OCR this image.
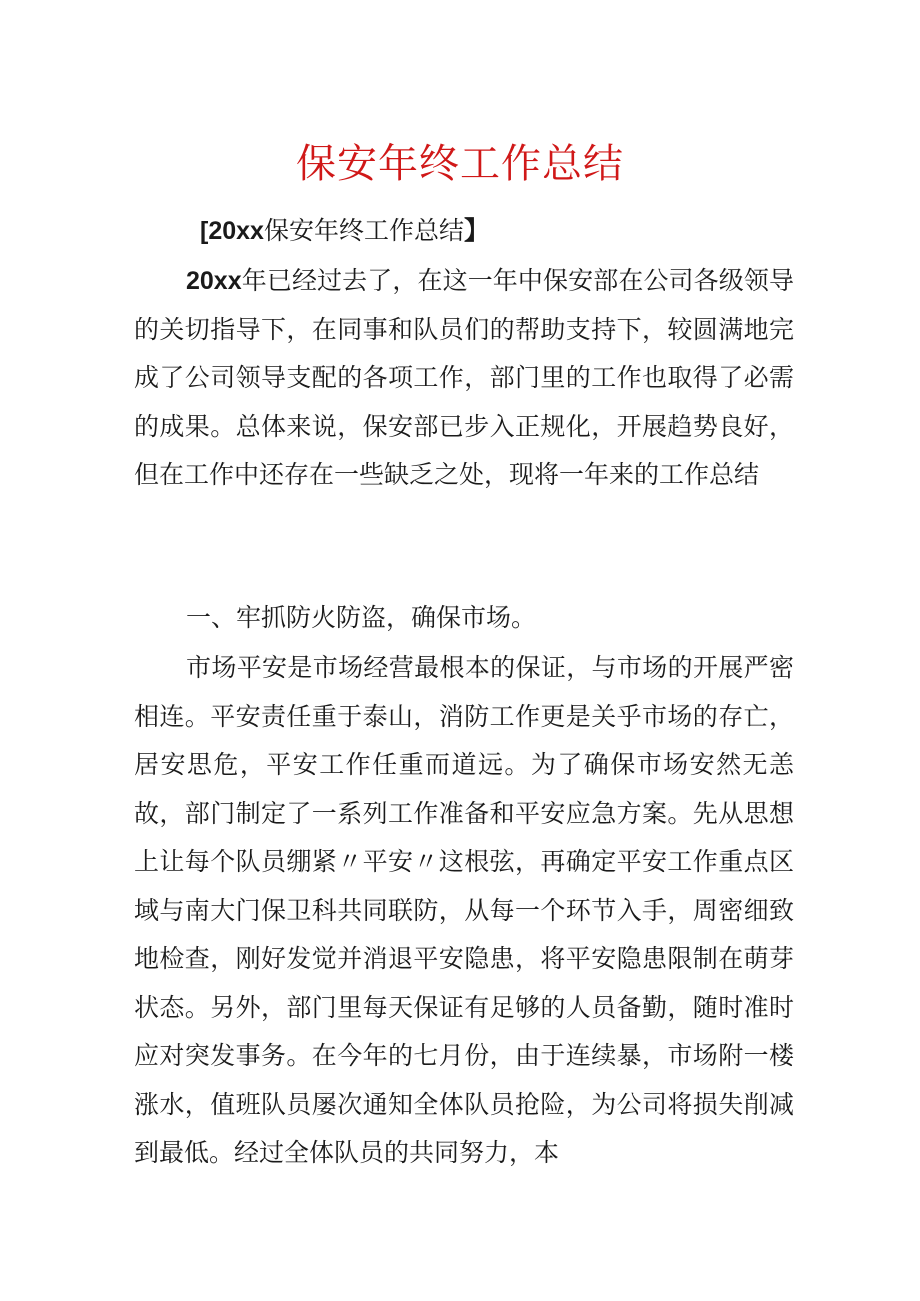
保安年终工作总结

[20xx保安年终工作总结】

20xx年已经过去了，在这一年中保安部在公司各级领导的关切指导下，在同事和队员们的帮助支持下，较圆满地完成了公司领导支配的各项工作，部门里的工作也取得了必需的成果。总体来说，保安部已步入正规化，开展趋势良好，但在工作中还存在一些缺乏之处，现将一年来的工作总结

一、牢抓防火防盗，确保市场。

市场平安是市场经营最根本的保证，与市场的开展严密相连。平安责任重于泰山，消防工作更是关乎市场的存亡，居安思危，平安工作任重而道远。为了确保市场安然无恙故，部门制定了一系列工作准备和平安应急方案。先从思想上让每个队员绷紧〃平安〃这根弦，再确定平安工作重点区域与南大门保卫科共同联防，从每一个环节入手，周密细致地检查，刚好发觉并消退平安隐患，将平安隐患限制在萌芽状态。另外，部门里每天保证有足够的人员备勤，随时准时应对突发事务。在今年的七月份，由于连续暴，市场附一楼涨水，值班队员屡次通知全体队员抢险，为公司将损失削减到最低。经过全体队员的共同努力，本
